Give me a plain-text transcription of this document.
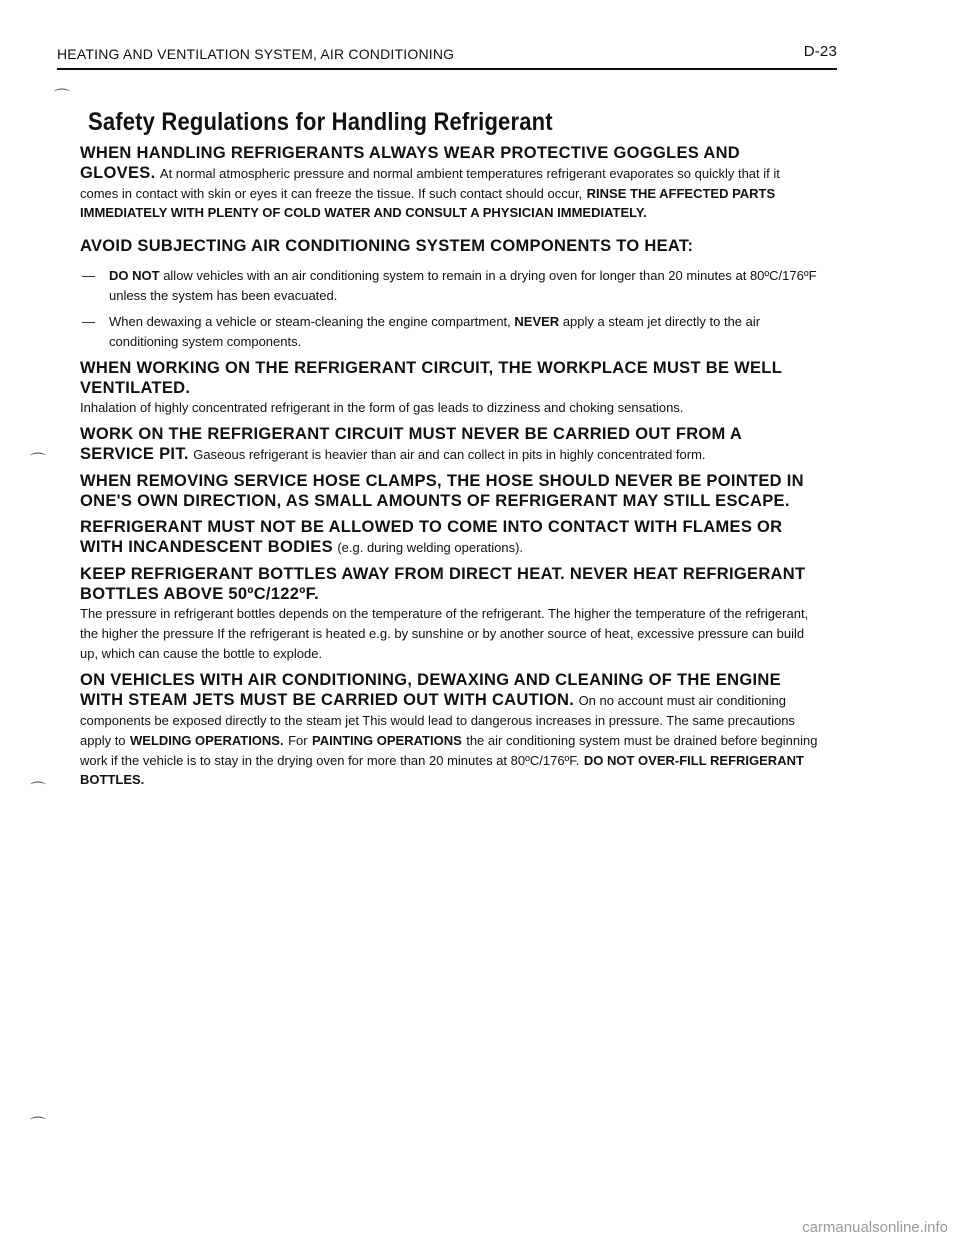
HEATING AND VENTILATION SYSTEM, AIR CONDITIONING	D-23
⌒
Safety Regulations for Handling Refrigerant
WHEN HANDLING REFRIGERANTS ALWAYS WEAR PROTECTIVE GOGGLES AND GLOVES. At normal atmospheric pressure and normal ambient temperatures refrigerant evaporates so quickly that if it comes in contact with skin or eyes it can freeze the tissue. If such contact should occur, RINSE THE AFFECTED PARTS IMMEDIATELY WITH PLENTY OF COLD WATER AND CONSULT A PHYSICIAN IMMEDIATELY.
AVOID SUBJECTING AIR CONDITIONING SYSTEM COMPONENTS TO HEAT:
— DO NOT allow vehicles with an air conditioning system to remain in a drying oven for longer than 20 minutes at 80ºC/176ºF unless the system has been evacuated.
— When dewaxing a vehicle or steam-cleaning the engine compartment, NEVER apply a steam jet directly to the air conditioning system components.
WHEN WORKING ON THE REFRIGERANT CIRCUIT, THE WORKPLACE MUST BE WELL VENTILATED.
Inhalation of highly concentrated refrigerant in the form of gas leads to dizziness and choking sensations.
WORK ON THE REFRIGERANT CIRCUIT MUST NEVER BE CARRIED OUT FROM A SERVICE PIT. Gaseous refrigerant is heavier than air and can collect in pits in highly concentrated form.
WHEN REMOVING SERVICE HOSE CLAMPS, THE HOSE SHOULD NEVER BE POINTED IN ONE'S OWN DIRECTION, AS SMALL AMOUNTS OF REFRIGERANT MAY STILL ESCAPE.
REFRIGERANT MUST NOT BE ALLOWED TO COME INTO CONTACT WITH FLAMES OR WITH INCANDESCENT BODIES (e.g. during welding operations).
KEEP REFRIGERANT BOTTLES AWAY FROM DIRECT HEAT. NEVER HEAT REFRIGERANT BOTTLES ABOVE 50ºC/122ºF.
The pressure in refrigerant bottles depends on the temperature of the refrigerant. The higher the temperature of the refrigerant, the higher the pressure If the refrigerant is heated e.g. by sunshine or by another source of heat, excessive pressure can build up, which can cause the bottle to explode.
ON VEHICLES WITH AIR CONDITIONING, DEWAXING AND CLEANING OF THE ENGINE WITH STEAM JETS MUST BE CARRIED OUT WITH CAUTION. On no account must air conditioning components be exposed directly to the steam jet This would lead to dangerous increases in pressure. The same precautions apply to WELDING OPERATIONS. For PAINTING OPERATIONS the air conditioning system must be drained before beginning work if the vehicle is to stay in the drying oven for more than 20 minutes at 80ºC/176ºF. DO NOT OVER-FILL REFRIGERANT BOTTLES.
⌒
⌒
⌒
carmanualsonline.info
